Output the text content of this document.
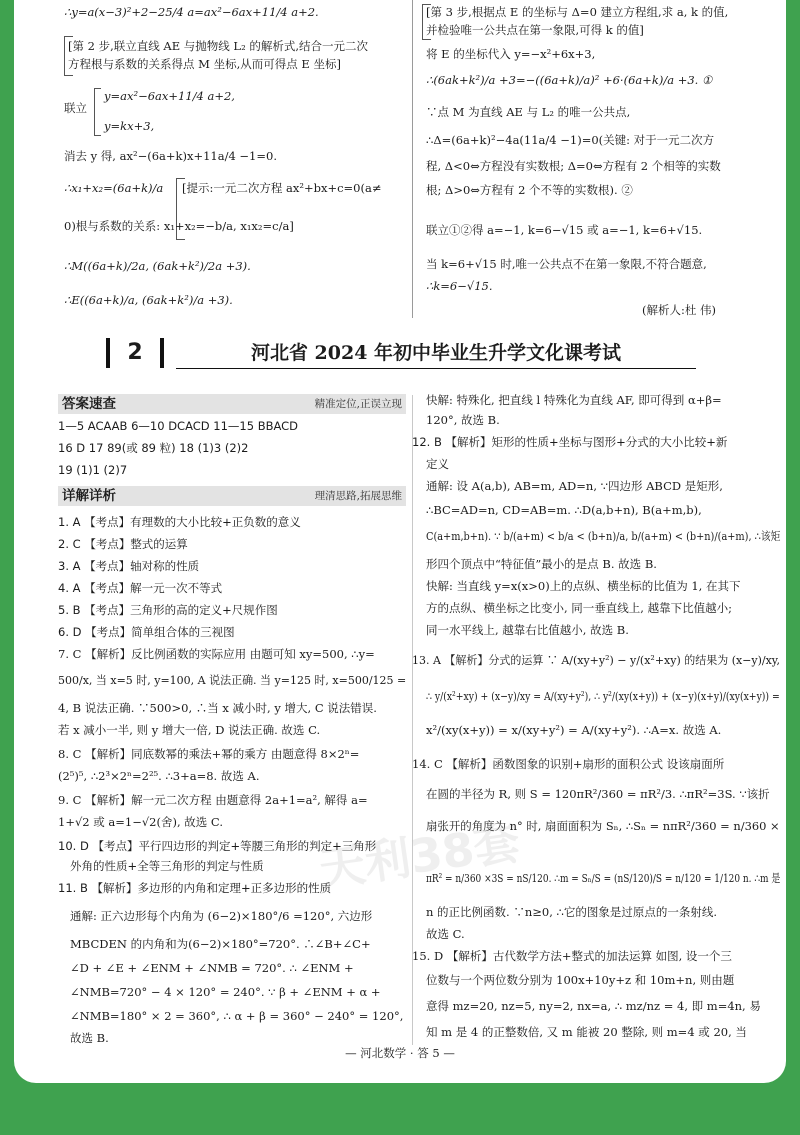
∴y=a(x−3)²+2−25/4 a=ax²−6ax+11/4 a+2.
[第 2 步,联立直线 AE 与抛物线 L₂ 的解析式,结合一元二次
方程根与系数的关系得点 M 坐标,从而可得点 E 坐标]
联立
y=ax²−6ax+11/4 a+2,
y=kx+3,
消去 y 得, ax²−(6a+k)x+11a/4 −1=0.
∴x₁+x₂=(6a+k)/a [提示:一元二次方程 ax²+bx+c=0(a≠
0)根与系数的关系: x₁+x₂=−b/a, x₁x₂=c/a]
∴M((6a+k)/2a, (6ak+k²)/2a +3).
∴E((6a+k)/a, (6ak+k²)/a +3).
[第 3 步,根据点 E 的坐标与 Δ=0 建立方程组,求 a, k 的值,
并检验唯一公共点在第一象限,可得 k 的值]
将 E 的坐标代入 y=−x²+6x+3,
∴(6ak+k²)/a +3=−((6a+k)/a)² +6·(6a+k)/a +3. ①
∵点 M 为直线 AE 与 L₂ 的唯一公共点,
∴Δ=(6a+k)²−4a(11a/4 −1)=0(关键: 对于一元二次方
程, Δ<0⇔方程没有实数根; Δ=0⇔方程有 2 个相等的实数
根; Δ>0⇔方程有 2 个不等的实数根). ②
联立①②得 a=−1, k=6−√15 或 a=−1, k=6+√15.
当 k=6+√15 时,唯一公共点不在第一象限,不符合题意,
∴k=6−√15.
(解析人:杜 伟)
2	河北省 2024 年初中毕业生升学文化课考试
答案速查	精准定位,正误立现
1—5 ACAAB 6—10 DCACD 11—15 BBACD
16 D 17 89(或 89 粒) 18 (1)3 (2)2
19 (1)1 (2)7
详解详析	理清思路,拓展思维
1. A 【考点】有理数的大小比较+正负数的意义
2. C 【考点】整式的运算
3. A 【考点】轴对称的性质
4. A 【考点】解一元一次不等式
5. B 【考点】三角形的高的定义+尺规作图
6. D 【考点】简单组合体的三视图
7. C 【解析】反比例函数的实际应用 由题可知 xy=500, ∴y=
500/x, 当 x=5 时, y=100, A 说法正确. 当 y=125 时, x=500/125 =
4, B 说法正确. ∵500>0, ∴当 x 减小时, y 增大, C 说法错误.
若 x 减小一半, 则 y 增大一倍, D 说法正确. 故选 C.
8. C 【解析】同底数幂的乘法+幂的乘方 由题意得 8×2ⁿ=
(2⁵)⁵, ∴2³×2ⁿ=2²⁵. ∴3+a=8. 故选 A.
9. C 【解析】解一元二次方程 由题意得 2a+1=a², 解得 a=
1+√2 或 a=1−√2(舍), 故选 C.
10. D 【考点】平行四边形的判定+等腰三角形的判定+三角形
外角的性质+全等三角形的判定与性质
11. B 【解析】多边形的内角和定理+正多边形的性质
通解: 正六边形每个内角为 (6−2)×180°/6 =120°, 六边形
MBCDEN 的内角和为(6−2)×180°=720°. ∴∠B+∠C+
∠D + ∠E + ∠ENM + ∠NMB = 720°. ∴ ∠ENM +
∠NMB=720° − 4 × 120° = 240°. ∵ β + ∠ENM + α +
∠NMB=180° × 2 = 360°, ∴ α + β = 360° − 240° = 120°,
故选 B.
快解: 特殊化, 把直线 l 特殊化为直线 AF, 即可得到 α+β=
120°, 故选 B.
12. B 【解析】矩形的性质+坐标与图形+分式的大小比较+新
定义
通解: 设 A(a,b), AB=m, AD=n, ∵四边形 ABCD 是矩形,
∴BC=AD=n, CD=AB=m. ∴D(a,b+n), B(a+m,b),
C(a+m,b+n). ∵ b/(a+m) < b/a < (b+n)/a, b/(a+m) < (b+n)/(a+m), ∴该矩
形四个顶点中“特征值”最小的是点 B. 故选 B.
快解: 当直线 y=x(x>0)上的点纵、横坐标的比值为 1, 在其下
方的点纵、横坐标之比变小, 同一垂直线上, 越靠下比值越小;
同一水平线上, 越靠右比值越小, 故选 B.
13. A 【解析】分式的运算 ∵ A/(xy+y²) − y/(x²+xy) 的结果为 (x−y)/xy,
∴ y/(x²+xy) + (x−y)/xy = A/(xy+y²), ∴ y²/(xy(x+y)) + (x−y)(x+y)/(xy(x+y)) =
x²/(xy(x+y)) = x/(xy+y²) = A/(xy+y²). ∴A=x. 故选 A.
14. C 【解析】函数图象的识别+扇形的面积公式 设该扇面所
在圆的半径为 R, 则 S = 120πR²/360 = πR²/3. ∴πR²=3S. ∵该折
扇张开的角度为 n° 时, 扇面面积为 Sₙ, ∴Sₙ = nπR²/360 = n/360 ×
πR² = n/360 ×3S = nS/120. ∴m = Sₙ/S = (nS/120)/S = n/120 = 1/120 n. ∴m 是
n 的正比例函数. ∵n≥0, ∴它的图象是过原点的一条射线.
故选 C.
15. D 【解析】古代数学方法+整式的加法运算 如图, 设一个三
位数与一个两位数分别为 100x+10y+z 和 10m+n, 则由题
意得 mz=20, nz=5, ny=2, nx=a, ∴ mz/nz = 4, 即 m=4n, 易
知 m 是 4 的正整数倍, 又 m 能被 20 整除, 则 m=4 或 20, 当
天利38套
— 河北数学 · 答 5 —
